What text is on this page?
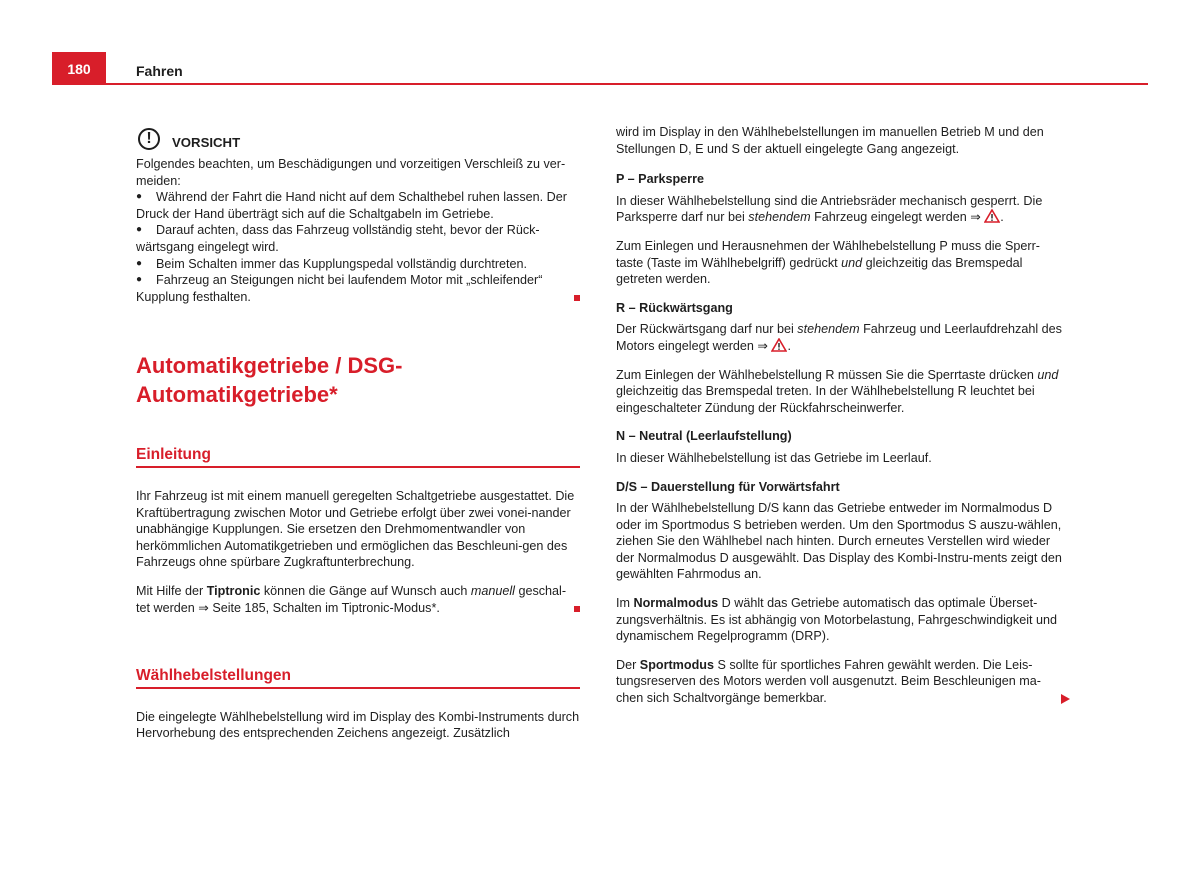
180	Fahren
!	VORSICHT

Folgendes beachten, um Beschädigungen und vorzeitigen Verschleiß zu ver-meiden:

● Während der Fahrt die Hand nicht auf dem Schalthebel ruhen lassen. Der Druck der Hand überträgt sich auf die Schaltgabeln im Getriebe.

● Darauf achten, dass das Fahrzeug vollständig steht, bevor der Rück-wärtsgang eingelegt wird.

● Beim Schalten immer das Kupplungspedal vollständig durchtreten.

● Fahrzeug an Steigungen nicht bei laufendem Motor mit „schleifender“ Kupplung festhalten.

Automatikgetriebe / DSG-Automatikgetriebe*
Einleitung

Ihr Fahrzeug ist mit einem manuell geregelten Schaltgetriebe ausgestattet. Die Kraftübertragung zwischen Motor und Getriebe erfolgt über zwei vonei-nander unabhängige Kupplungen. Sie ersetzen den Drehmomentwandler von herkömmlichen Automatikgetrieben und ermöglichen das Beschleuni-gen des Fahrzeugs ohne spürbare Zugkraftunterbrechung.

Mit Hilfe der Tiptronic können die Gänge auf Wunsch auch manuell geschal-tet werden ⇒ Seite 185, Schalten im Tiptronic-Modus*.

Wählhebelstellungen

Die eingelegte Wählhebelstellung wird im Display des Kombi-Instruments durch Hervorhebung des entsprechenden Zeichens angezeigt. Zusätzlich

wird im Display in den Wählhebelstellungen im manuellen Betrieb M und den Stellungen D, E und S der aktuell eingelegte Gang angezeigt.

P – Parksperre

In dieser Wählhebelstellung sind die Antriebsräder mechanisch gesperrt. Die Parksperre darf nur bei stehendem Fahrzeug eingelegt werden ⇒ .

Zum Einlegen und Herausnehmen der Wählhebelstellung P muss die Sperr-taste (Taste im Wählhebelgriff) gedrückt und gleichzeitig das Bremspedal getreten werden.

R – Rückwärtsgang

Der Rückwärtsgang darf nur bei stehendem Fahrzeug und Leerlaufdrehzahl des Motors eingelegt werden ⇒ .

Zum Einlegen der Wählhebelstellung R müssen Sie die Sperrtaste drücken und gleichzeitig das Bremspedal treten. In der Wählhebelstellung R leuchtet bei eingeschalteter Zündung der Rückfahrscheinwerfer.

N – Neutral (Leerlaufstellung)

In dieser Wählhebelstellung ist das Getriebe im Leerlauf.

D/S – Dauerstellung für Vorwärtsfahrt

In der Wählhebelstellung D/S kann das Getriebe entweder im Normalmodus D oder im Sportmodus S betrieben werden. Um den Sportmodus S auszu-wählen, ziehen Sie den Wählhebel nach hinten. Durch erneutes Verstellen wird wieder der Normalmodus D ausgewählt. Das Display des Kombi-Instru-ments zeigt den gewählten Fahrmodus an.

Im Normalmodus D wählt das Getriebe automatisch das optimale Überset-zungsverhältnis. Es ist abhängig von Motorbelastung, Fahrgeschwindigkeit und dynamischem Regelprogramm (DRP).

Der Sportmodus S sollte für sportliches Fahren gewählt werden. Die Leis-tungsreserven des Motors werden voll ausgenutzt. Beim Beschleunigen ma-chen sich Schaltvorgänge bemerkbar.
